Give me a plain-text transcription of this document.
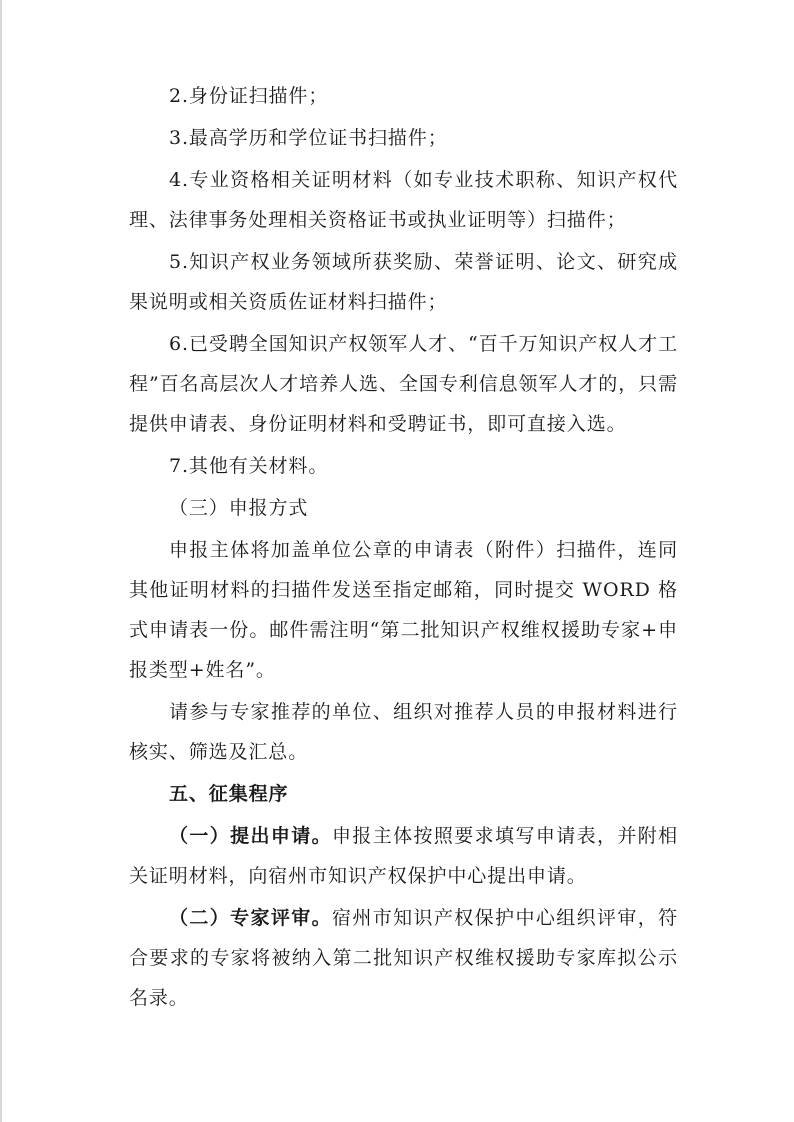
2.身份证扫描件；

3.最高学历和学位证书扫描件；

4.专业资格相关证明材料（如专业技术职称、知识产权代理、法律事务处理相关资格证书或执业证明等）扫描件；

5.知识产权业务领域所获奖励、荣誉证明、论文、研究成果说明或相关资质佐证材料扫描件；

6.已受聘全国知识产权领军人才、“百千万知识产权人才工程”百名高层次人才培养人选、全国专利信息领军人才的，只需提供申请表、身份证明材料和受聘证书，即可直接入选。

7.其他有关材料。

（三）申报方式

申报主体将加盖单位公章的申请表（附件）扫描件，连同其他证明材料的扫描件发送至指定邮箱，同时提交 WORD 格式申请表一份。邮件需注明“第二批知识产权维权援助专家+申报类型+姓名”。

请参与专家推荐的单位、组织对推荐人员的申报材料进行核实、筛选及汇总。

五、征集程序

（一）提出申请。申报主体按照要求填写申请表，并附相关证明材料，向宿州市知识产权保护中心提出申请。

（二）专家评审。宿州市知识产权保护中心组织评审，符合要求的专家将被纳入第二批知识产权维权援助专家库拟公示名录。
